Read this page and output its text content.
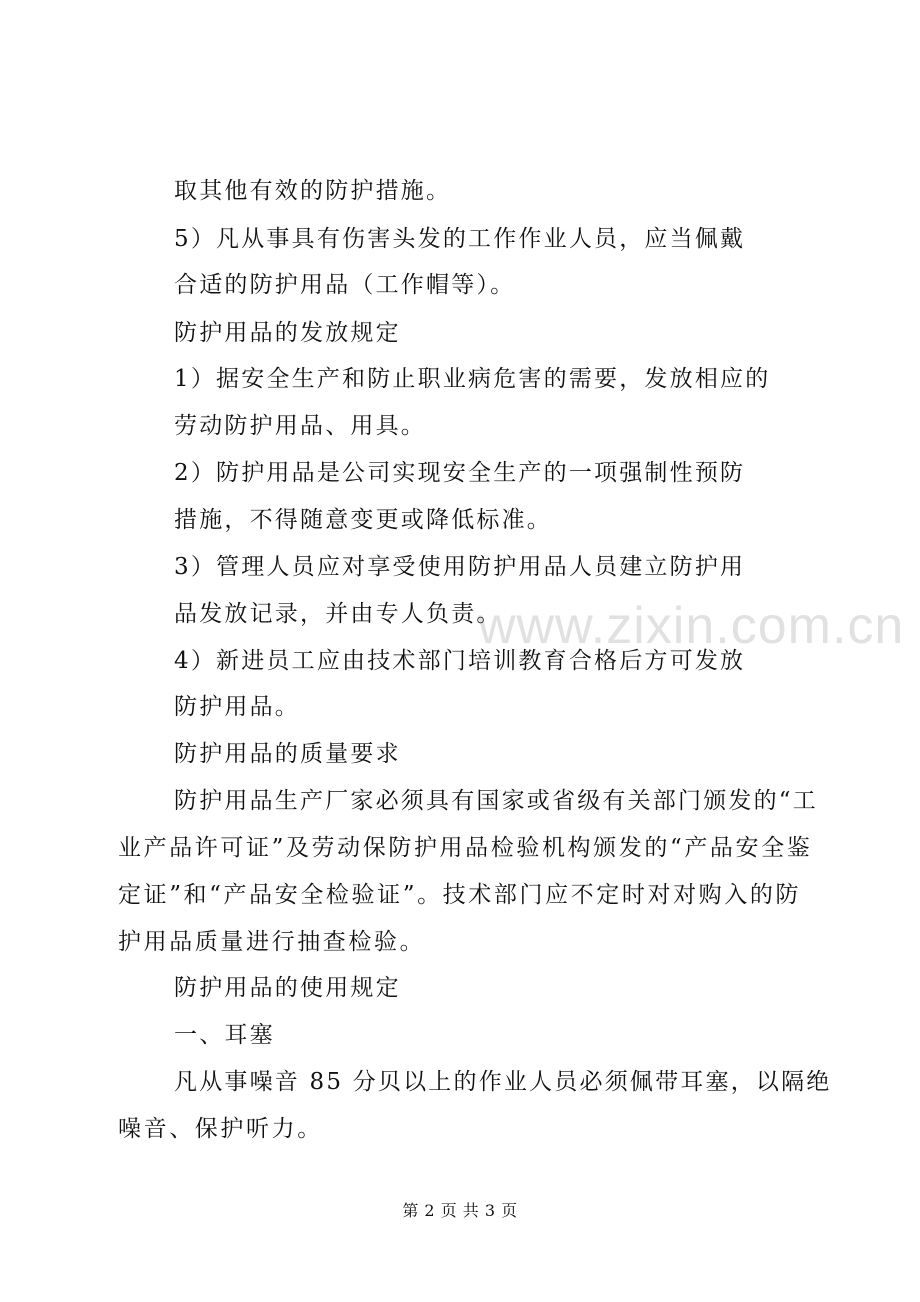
www.zixin.com.cn
取其他有效的防护措施。
5）凡从事具有伤害头发的工作作业人员，应当佩戴
合适的防护用品（工作帽等）。
防护用品的发放规定
1）据安全生产和防止职业病危害的需要，发放相应的
劳动防护用品、用具。
2）防护用品是公司实现安全生产的一项强制性预防
措施，不得随意变更或降低标准。
3）管理人员应对享受使用防护用品人员建立防护用
品发放记录，并由专人负责。
4）新进员工应由技术部门培训教育合格后方可发放
防护用品。
防护用品的质量要求
防护用品生产厂家必须具有国家或省级有关部门颁发的“工
业产品许可证”及劳动保防护用品检验机构颁发的“产品安全鉴
定证”和“产品安全检验证”。技术部门应不定时对对购入的防
护用品质量进行抽查检验。
防护用品的使用规定
一、耳塞
凡从事噪音 85 分贝以上的作业人员必须佩带耳塞，以隔绝
噪音、保护听力。
第 2 页 共 3 页
